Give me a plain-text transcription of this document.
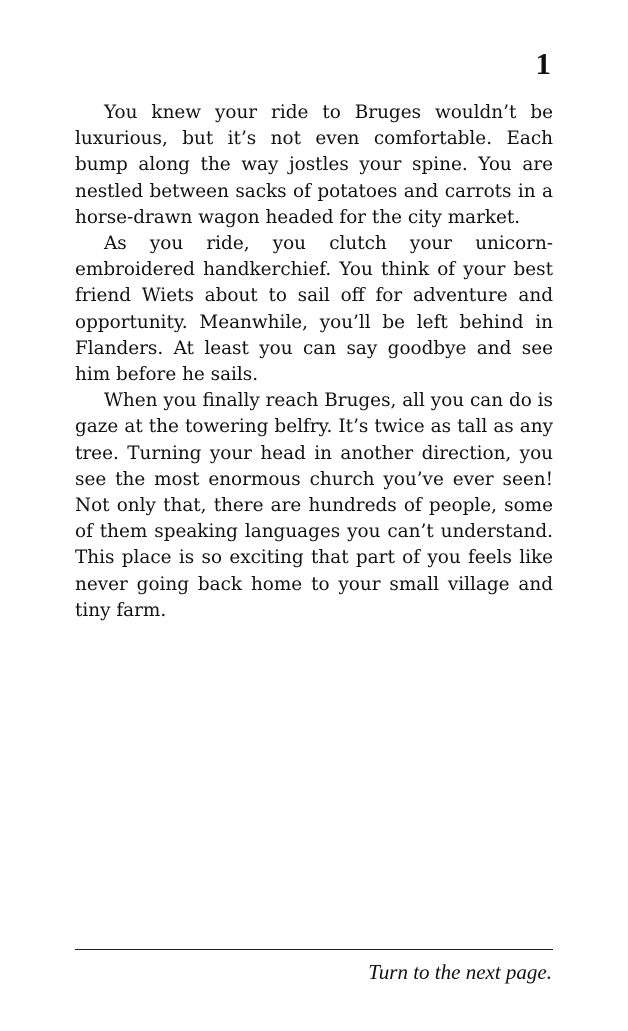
1

You knew your ride to Bruges wouldn’t be luxurious, but it’s not even comfortable. Each bump along the way jostles your spine. You are nestled between sacks of potatoes and carrots in a horse-drawn wagon headed for the city market.

As you ride, you clutch your unicorn-embroidered handkerchief. You think of your best friend Wiets about to sail off for adventure and opportunity. Meanwhile, you’ll be left behind in Flanders. At least you can say goodbye and see him before he sails.

When you finally reach Bruges, all you can do is gaze at the towering belfry. It’s twice as tall as any tree. Turning your head in another direction, you see the most enormous church you’ve ever seen! Not only that, there are hundreds of people, some of them speaking languages you can’t understand. This place is so exciting that part of you feels like never going back home to your small village and tiny farm.

Turn to the next page.
